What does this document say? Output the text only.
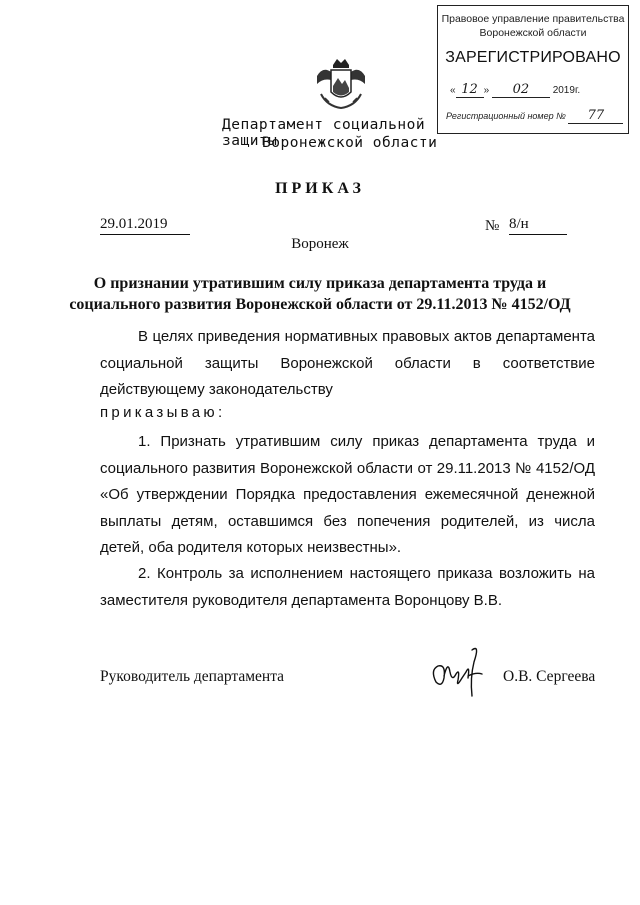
Правовое управление правительства
Воронежской области
ЗАРЕГИСТРИРОВАНО
« 12 » 02 2019г.
Регистрационный номер № 77
Департамент социальной защиты
Воронежской области
ПРИКАЗ
29.01.2019	№ 8/н
Воронеж
О признании утратившим силу приказа департамента труда и
социального развития Воронежской области от 29.11.2013 № 4152/ОД
В целях приведения нормативных правовых актов департамента социальной защиты Воронежской области в соответствие действующему законодательству
приказываю:
1. Признать утратившим силу приказ департамента труда и социального развития Воронежской области от 29.11.2013 № 4152/ОД «Об утверждении Порядка предоставления ежемесячной денежной выплаты детям, оставшимся без попечения родителей, из числа детей, оба родителя которых неизвестны».
2. Контроль за исполнением настоящего приказа возложить на заместителя руководителя департамента Воронцову В.В.
Руководитель департамента	О.В. Сергеева
